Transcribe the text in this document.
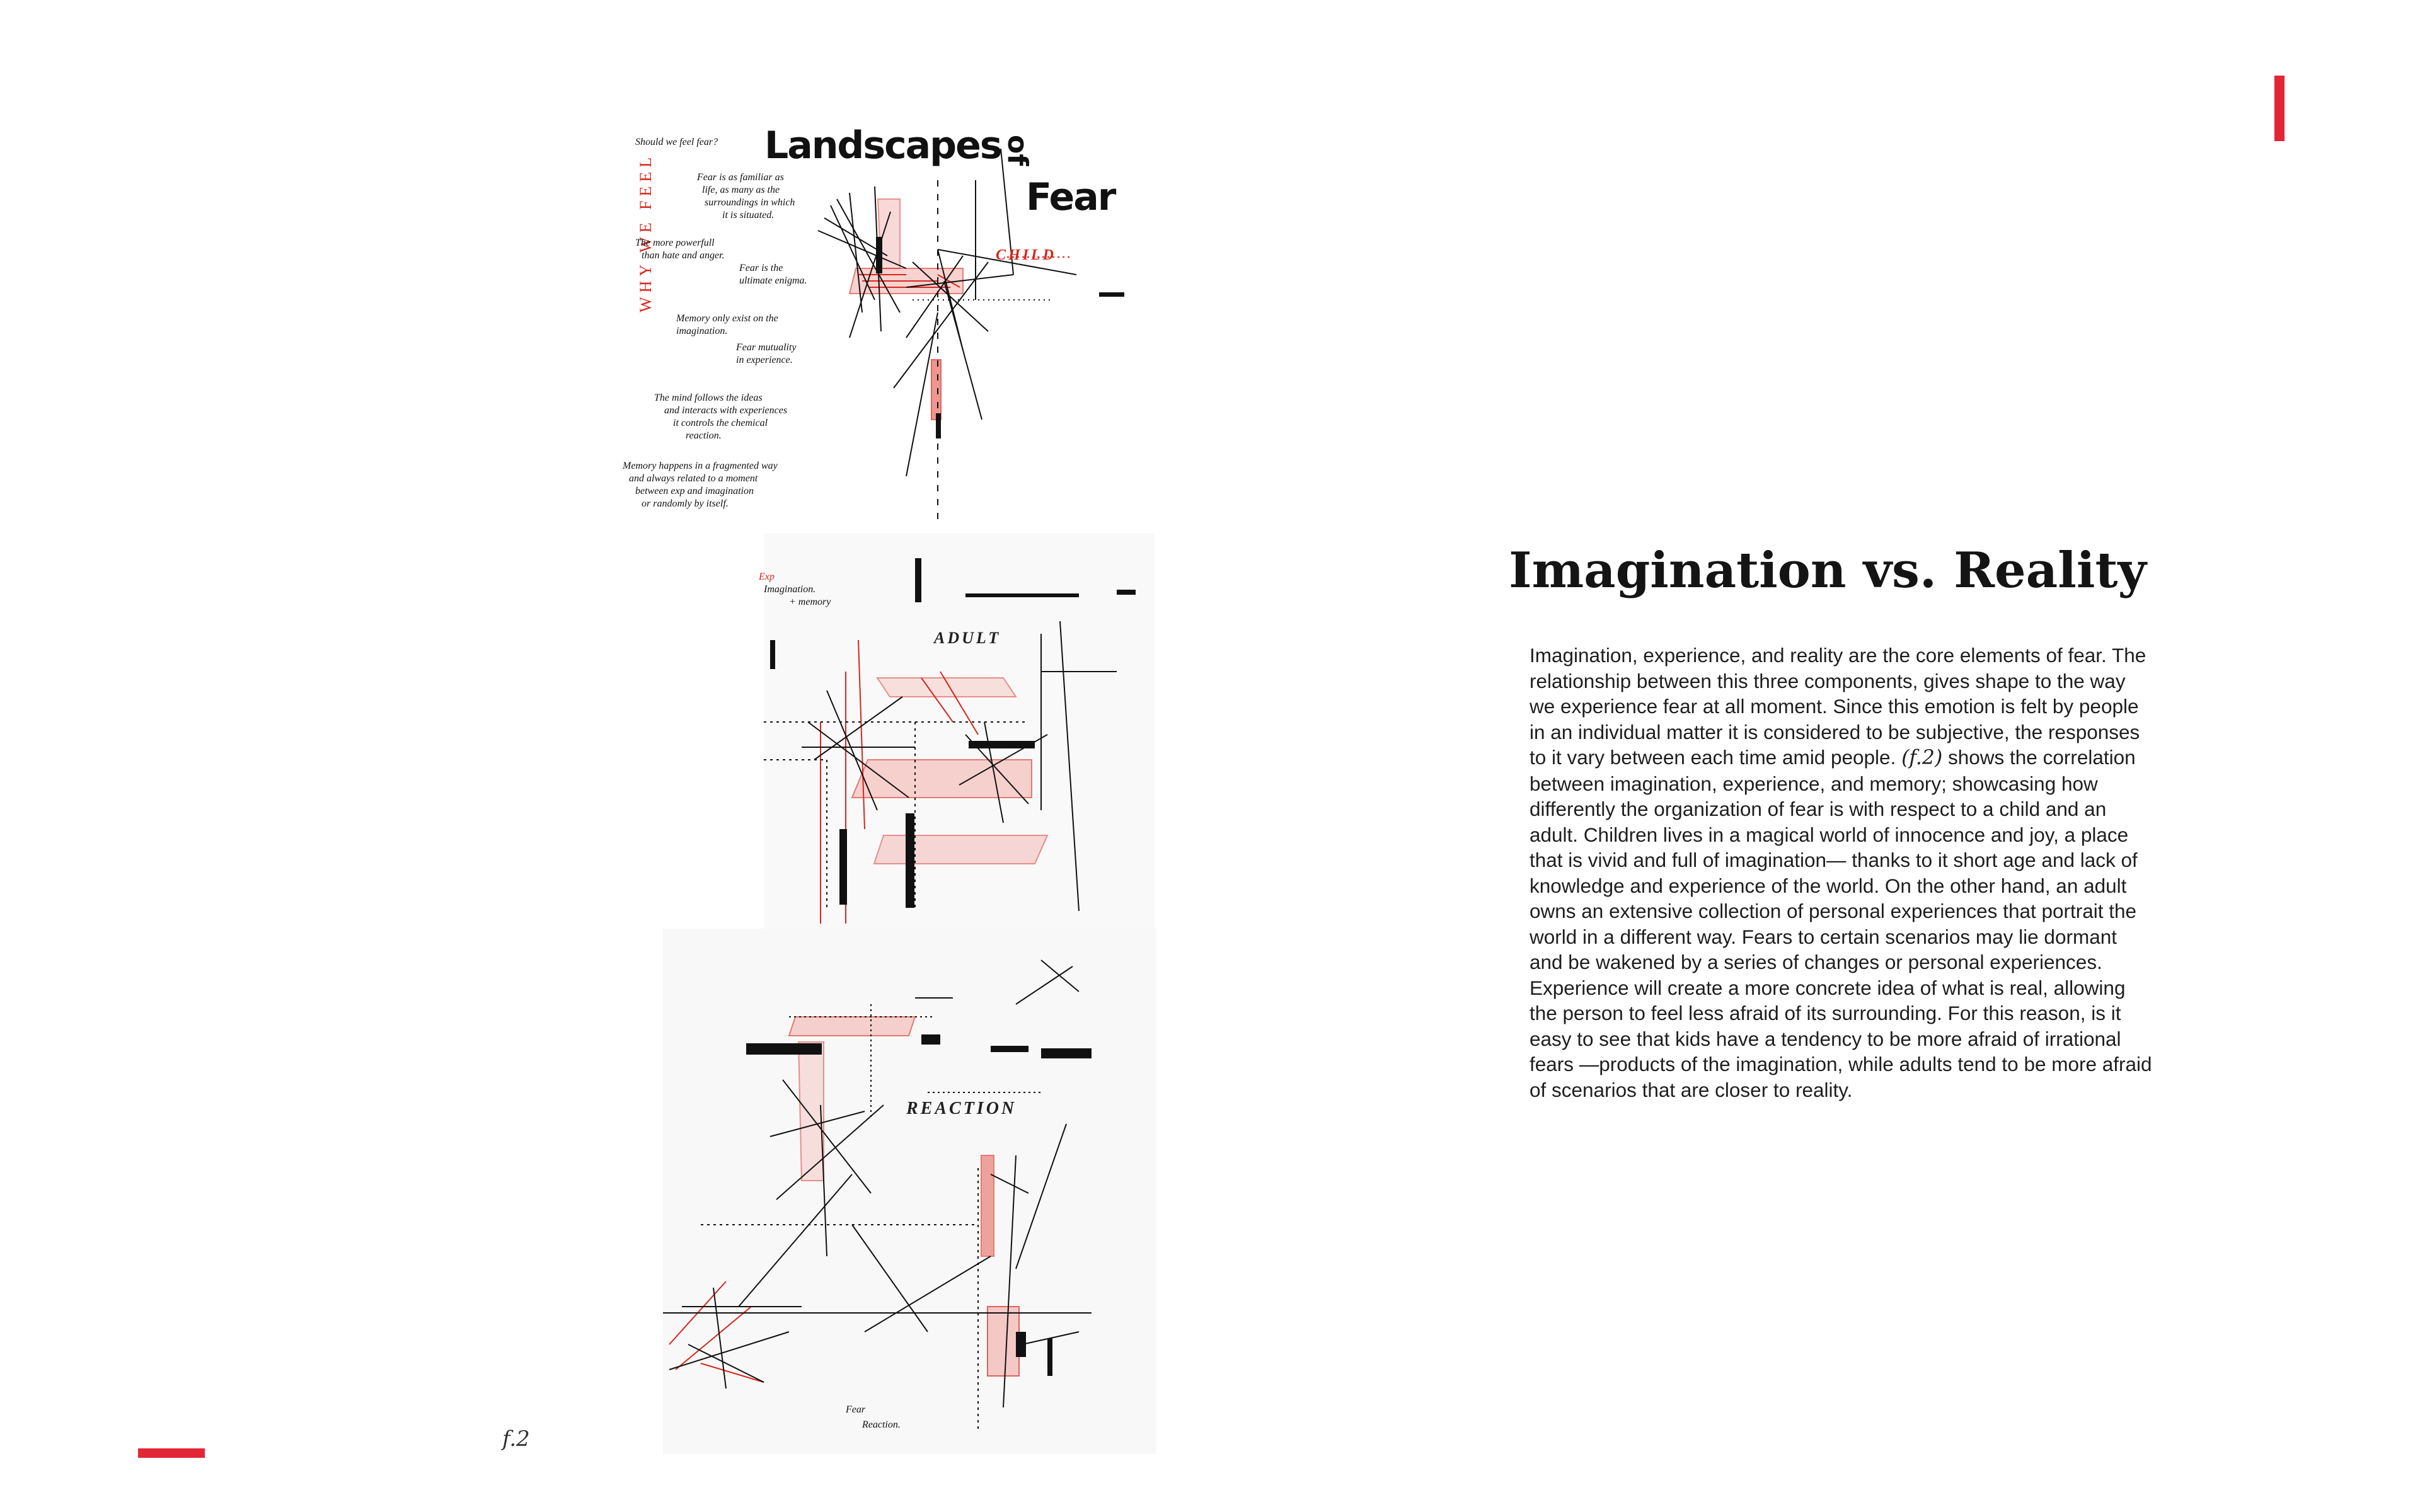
Landscapes of
Fear
WHY WE FEEL	CHILD
Should we feel fear?
Fear is as familiar as
life, as many as the
surroundings in which
it is situated.
The more powerfull
than hate and anger.
Fear is the
ultimate enigma.
Memory only exist on the
imagination.
Fear mutuality
in experience.
The mind follows the ideas
and interacts with experiences
it controls the chemical
reaction.
Memory happens in a fragmented way
and always related to a moment
between exp and imagination
or randomly by itself.
Exp
Imagination.
+ memory
ADULT
REACTION
Fear
Reaction.
f.2
Imagination vs. Reality

Imagination, experience, and reality are the core elements of fear. The relationship between this three components, gives shape to the way we experience fear at all moment. Since this emotion is felt by people in an individual matter it is considered to be subjective, the responses to it vary between each time amid people. (f.2) shows the correlation between imagination, experience, and memory; showcasing how differently the organization of fear is with respect to a child and an adult. Children lives in a magical world of innocence and joy, a place that is vivid and full of imagination— thanks to it short age and lack of knowledge and experience of the world. On the other hand, an adult owns an extensive collection of personal experiences that portrait the world in a different way. Fears to certain scenarios may lie dormant and be wakened by a series of changes or personal experiences. Experience will create a more concrete idea of what is real, allowing the person to feel less afraid of its surrounding. For this reason, is it easy to see that kids have a tendency to be more afraid of irrational fears —products of the imagination, while adults tend to be more afraid of scenarios that are closer to reality.
